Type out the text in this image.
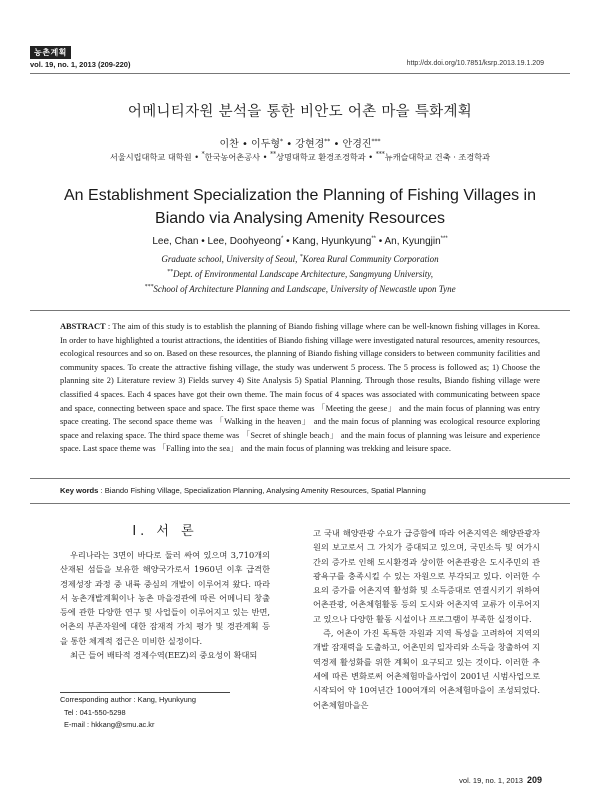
농촌계획
vol. 19, no. 1, 2013 (209-220)	http://dx.doi.org/10.7851/ksrp.2013.19.1.209
어메니티자원 분석을 통한 비안도 어촌 마을 특화계획
이찬 • 이두형* • 강현경** • 안경진***
서울시립대학교 대학원 • *한국농어촌공사 • **상명대학교 환경조경학과 • ***뉴캐슬대학교 건축 · 조경학과
An Establishment Specialization the Planning of Fishing Villages in
Biando via Analysing Amenity Resources
Lee, Chan • Lee, Doohyeong* • Kang, Hyunkyung** • An, Kyungjin***
Graduate school, University of Seoul, *Korea Rural Community Corporation
**Dept. of Environmental Landscape Architecture, Sangmyung University,
***School of Architecture Planning and Landscape, University of Newcastle upon Tyne
ABSTRACT : The aim of this study is to establish the planning of Biando fishing village where can be well-known fishing villages in Korea. In order to have highlighted a tourist attractions, the identities of Biando fishing village were investigated natural resources, amenity resources, ecological resources and so on. Based on these resources, the planning of Biando fishing village considers to between community facilities and community spaces. To create the attractive fishing village, the study was underwent 5 process. The 5 process is followed as; 1) Choose the planning site 2) Literature review 3) Fields survey 4) Site Analysis 5) Spatial Planning. Through those results, Biando fishing village were classified 4 spaces. Each 4 spaces have got their own theme. The main focus of 4 spaces was associated with communicating between space and space, connecting between space and space. The first space theme was 「Meeting the geese」 and the main focus of planning was entry space creating. The second space theme was 「Walking in the heaven」 and the main focus of planning was ecological resource exploring space and relaxing space. The third space theme was 「Secret of shingle beach」 and the main focus of planning was leisure and experience space. Last space theme was 「Falling into the sea」 and the main focus of planning was trekking and leisure space.
Key words : Biando Fishing Village, Specialization Planning, Analysing Amenity Resources, Spatial Planning
Ⅰ. 서 론

우리나라는 3면이 바다로 둘러 싸여 있으며 3,710개의 산재된 섬들을 보유한 해양국가로서 1960년 이후 급격한 경제성장 과정 중 내륙 중심의 개발이 이루어져 왔다. 따라서 농촌개발계획이나 농촌 마을경관에 따른 어메니티 창출 등에 관한 다양한 연구 및 사업들이 이루어지고 있는 반면, 어촌의 부존자원에 대한 잠재적 가치 평가 및 경관계획 등을 통한 체계적 접근은 미비한 실정이다.

최근 들어 배타적 경제수역(EEZ)의 중요성이 확대되

Corresponding author : Kang, Hyunkyung
Tel : 041-550-5298
E-mail : hkkang@smu.ac.kr

고 국내 해양관광 수요가 급증함에 따라 어촌지역은 해양관광자원의 보고로서 그 가치가 증대되고 있으며, 국민소득 및 여가시간의 증가로 인해 도시환경과 상이한 어촌관광은 도시주민의 관광욕구를 충족시킬 수 있는 자원으로 부각되고 있다. 이러한 수요의 증가를 어촌지역 활성화 및 소득증대로 연결시키기 위하여 어촌관광, 어촌체험활동 등의 도시와 어촌지역 교류가 이루어지고 있으나 다양한 활동 시설이나 프로그램이 부족한 실정이다.

즉, 어촌이 가진 독특한 자원과 지역 특성을 고려하여 지역의 개발 잠재력을 도출하고, 어촌민의 일자리와 소득을 창출하여 지역경제 활성화를 위한 계획이 요구되고 있는 것이다. 이러한 추세에 따른 변화로써 어촌체험마을사업이 2001년 시범사업으로 시작되어 약 10여년간 100여개의 어촌체험마을이 조성되었다. 어촌체험마을은

vol. 19, no. 1, 2013 209
